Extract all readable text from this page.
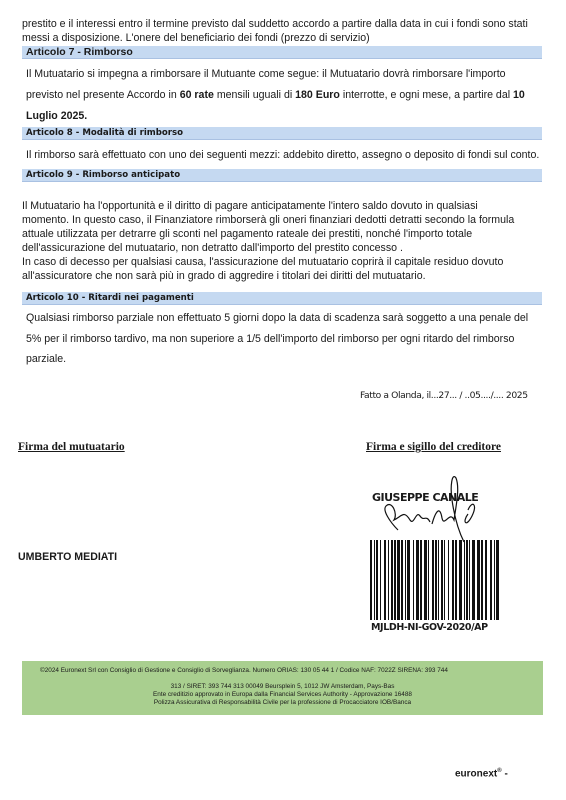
prestito e il interessi entro il termine previsto dal suddetto accordo a partire dalla data in cui i fondi sono stati

messi a disposizione. L'onere del beneficiario dei fondi (prezzo di servizio)

Articolo 7 - Rimborso

Il Mutuatario si impegna a rimborsare il Mutuante come segue: il Mutuatario dovrà rimborsare l'importo

previsto nel presente Accordo in 60 rate mensili uguali di 180 Euro interrotte, e ogni mese, a partire dal 10

Luglio 2025.

Articolo 8 - Modalità di rimborso

Il rimborso sarà effettuato con uno dei seguenti mezzi: addebito diretto, assegno o deposito di fondi sul conto.

Articolo 9 - Rimborso anticipato

Il Mutuatario ha l'opportunità e il diritto di pagare anticipatamente l'intero saldo dovuto in qualsiasi

momento. In questo caso, il Finanziatore rimborserà gli oneri finanziari dedotti detratti secondo la formula

attuale utilizzata per detrarre gli sconti nel pagamento rateale dei prestiti, nonché l'importo totale

dell'assicurazione del mutuatario, non detratto dall'importo del prestito concesso .

In caso di decesso per qualsiasi causa, l'assicurazione del mutuatario coprirà il capitale residuo dovuto

all'assicuratore che non sarà più in grado di aggredire i titolari dei diritti del mutuatario.

Articolo 10 - Ritardi nei pagamenti

Qualsiasi rimborso parziale non effettuato 5 giorni dopo la data di scadenza sarà soggetto a una penale del

5% per il rimborso tardivo, ma non superiore a 1/5 dell'importo del rimborso per ogni ritardo del rimborso

parziale.

Fatto a Olanda, il...27... / ..05..../.... 2025

Firma del mutuatario	Firma e sigillo del creditore

UMBERTO MEDIATI

GIUSEPPE CANALE
MJLDH-NI-GOV-2020/AP
©2024 Euronext Srl con Consiglio di Gestione e Consiglio di Sorveglianza. Numero ORIAS: 130 05 44 1 / Codice NAF: 7022Z SIRENA: 393 744
313 / SIRET: 393 744 313 00049 Beursplein 5, 1012 JW Amsterdam, Pays-Bas
Ente creditizio approvato in Europa dalla Financial Services Authority - Approvazione 16488
Polizza Assicurativa di Responsabilità Civile per la professione di Procacciatore IOB/Banca
euronext® -
